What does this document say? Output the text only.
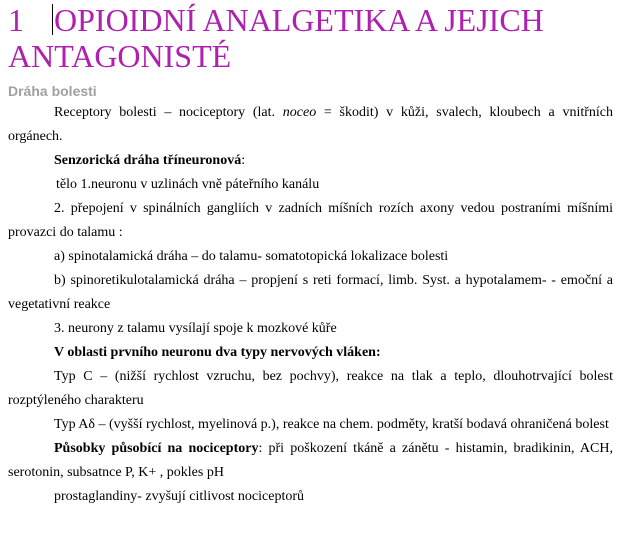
1 OPIOIDNÍ ANALGETIKA A JEJICH
ANTAGONISTÉ
Dráha bolesti

Receptory bolesti – nociceptory (lat. noceo = škodit) v kůži, svalech, kloubech a vnitřních orgánech.

Senzorická dráha tříneuronová:

tělo 1.neuronu v uzlinách vně páteřního kanálu

2. přepojení v spinálních gangliích v zadních míšních rozích axony vedou postraními míšními provazci do talamu :

a) spinotalamická dráha – do talamu- somatotopická lokalizace bolesti

b) spinoretikulotalamická dráha – propjení s reti formací, limb. Syst. a hypotalamem- - emoční a vegetativní reakce

3. neurony z talamu vysílají spoje k mozkové kůře

V oblasti prvního neuronu dva typy nervových vláken:

Typ C – (nižší rychlost vzruchu, bez pochvy), reakce na tlak a teplo, dlouhotrvající bolest rozptýleného charakteru

Typ Aδ – (vyšší rychlost, myelinová p.), reakce na chem. podměty, kratší bodavá ohraničená bolest

Působky působící na nociceptory: při poškození tkáně a zánětu - histamin, bradikinin, ACH, serotonin, subsatnce P, K+ , pokles pH

prostaglandiny- zvyšují citlivost nociceptorů
